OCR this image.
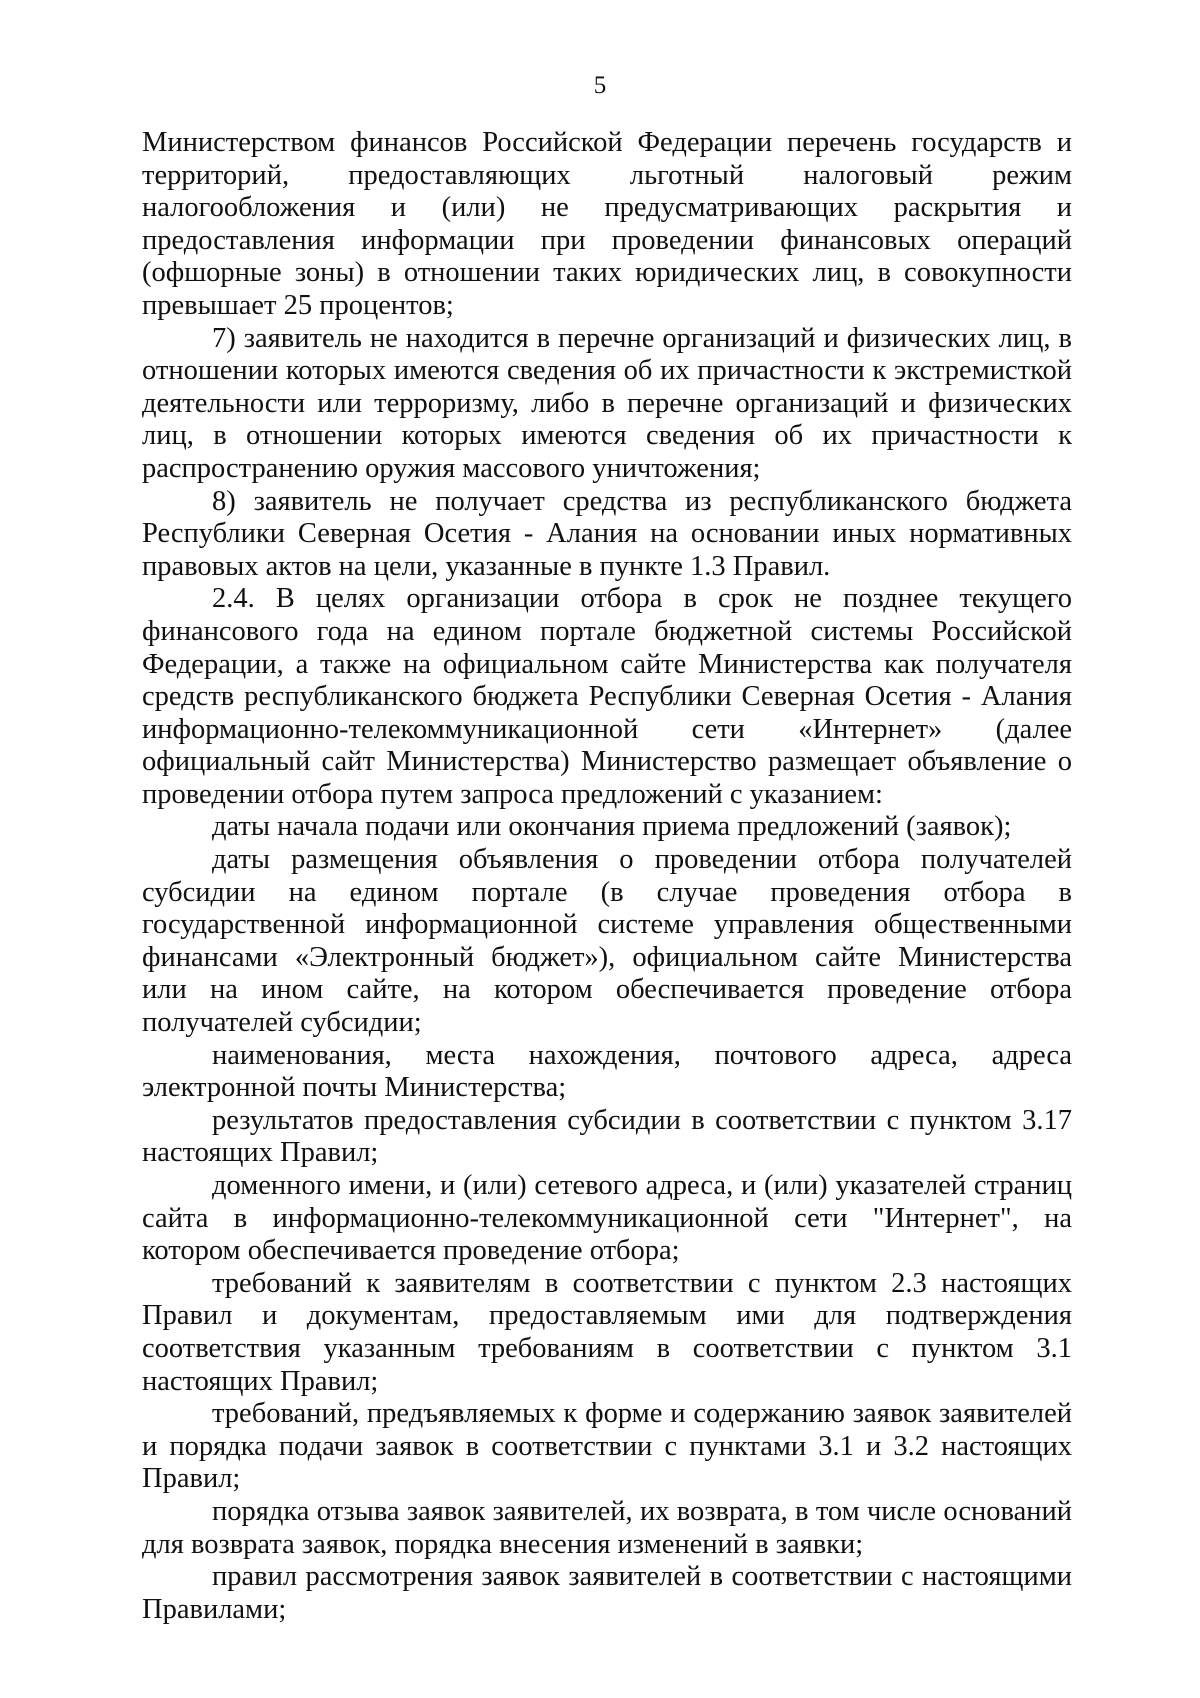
5

Министерством финансов Российской Федерации перечень государств и территорий, предоставляющих льготный налоговый режим налогообложения и (или) не предусматривающих раскрытия и предоставления информации при проведении финансовых операций (офшорные зоны) в отношении таких юридических лиц, в совокупности превышает 25 процентов;

7) заявитель не находится в перечне организаций и физических лиц, в отношении которых имеются сведения об их причастности к экстремисткой деятельности или терроризму, либо в перечне организаций и физических лиц, в отношении которых имеются сведения об их причастности к распространению оружия массового уничтожения;

8) заявитель не получает средства из республиканского бюджета Республики Северная Осетия - Алания на основании иных нормативных правовых актов на цели, указанные в пункте 1.3 Правил.

2.4. В целях организации отбора в срок не позднее текущего финансового года на едином портале бюджетной системы Российской Федерации, а также на официальном сайте Министерства как получателя средств республиканского бюджета Республики Северная Осетия - Алания информационно-телекоммуникационной сети «Интернет» (далее официальный сайт Министерства) Министерство размещает объявление о проведении отбора путем запроса предложений с указанием:

даты начала подачи или окончания приема предложений (заявок);

даты размещения объявления о проведении отбора получателей субсидии на едином портале (в случае проведения отбора в государственной информационной системе управления общественными финансами «Электронный бюджет»), официальном сайте Министерства или на ином сайте, на котором обеспечивается проведение отбора получателей субсидии;

наименования, места нахождения, почтового адреса, адреса электронной почты Министерства;

результатов предоставления субсидии в соответствии с пунктом 3.17 настоящих Правил;

доменного имени, и (или) сетевого адреса, и (или) указателей страниц сайта в информационно-телекоммуникационной сети "Интернет", на котором обеспечивается проведение отбора;

требований к заявителям в соответствии с пунктом 2.3 настоящих Правил и документам, предоставляемым ими для подтверждения соответствия указанным требованиям в соответствии с пунктом 3.1 настоящих Правил;

требований, предъявляемых к форме и содержанию заявок заявителей и порядка подачи заявок в соответствии с пунктами 3.1 и 3.2 настоящих Правил;

порядка отзыва заявок заявителей, их возврата, в том числе оснований для возврата заявок, порядка внесения изменений в заявки;

правил рассмотрения заявок заявителей в соответствии с настоящими Правилами;
